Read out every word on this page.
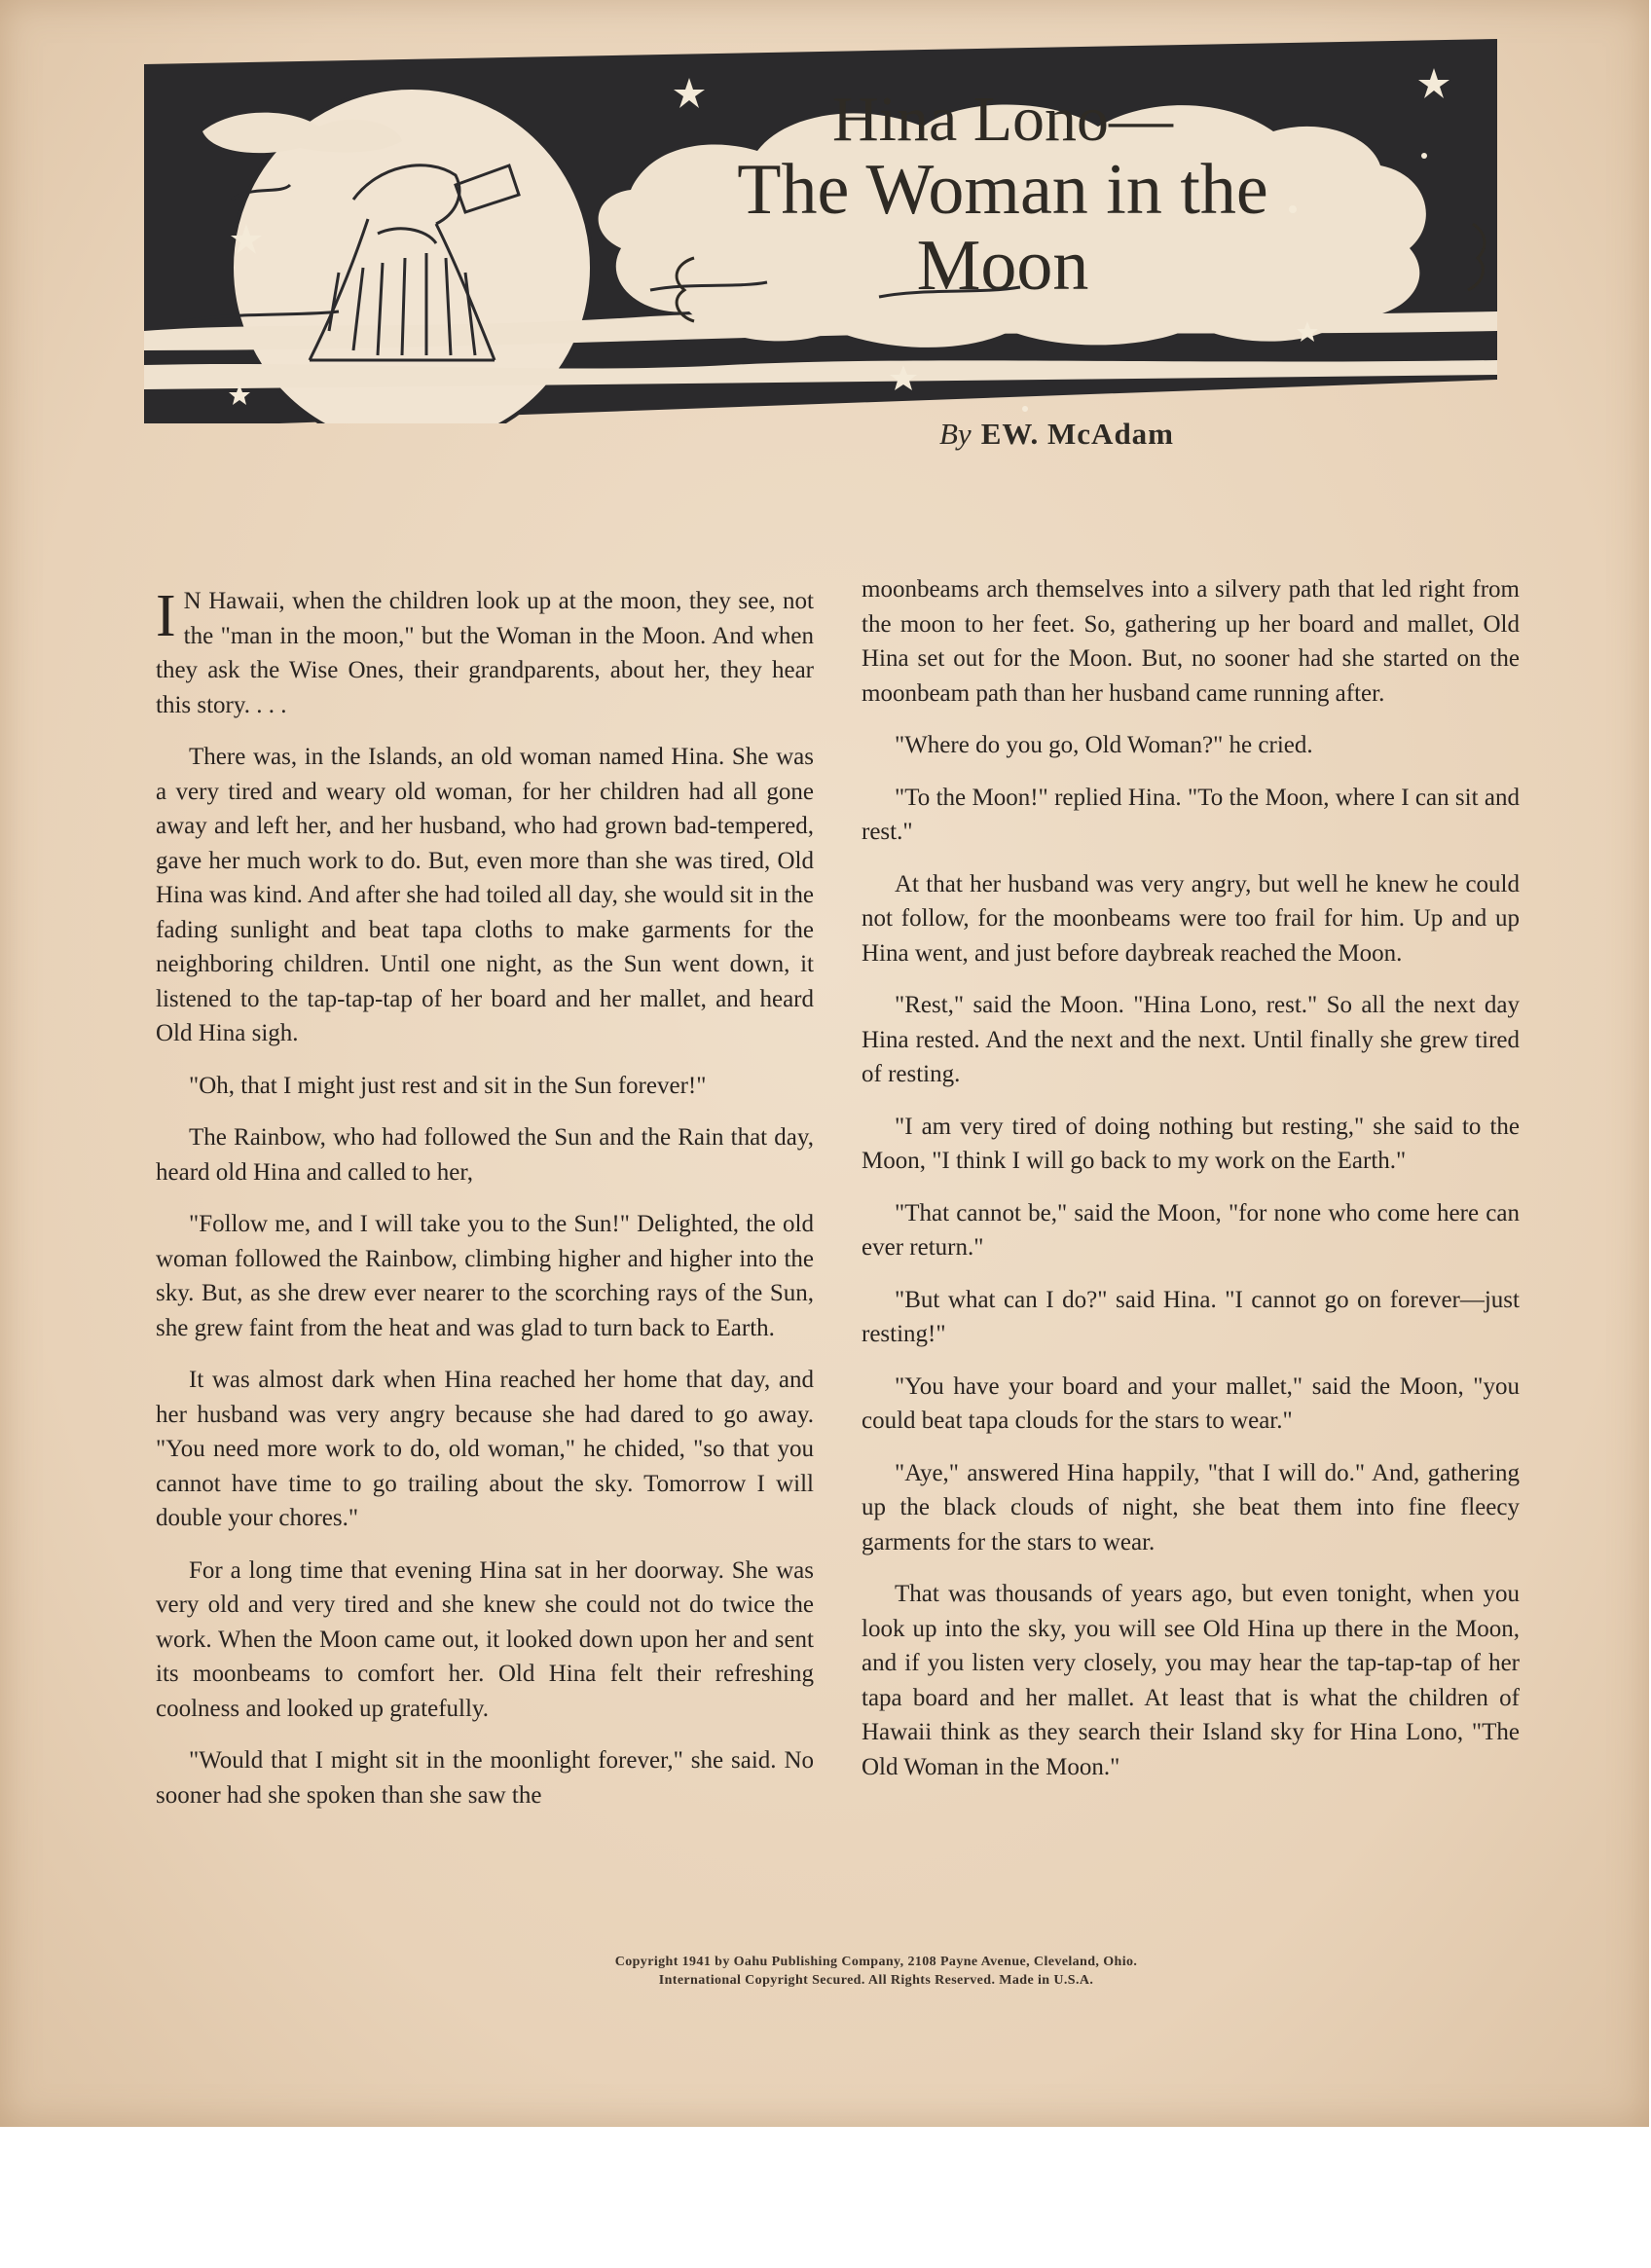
Hina Lono—
The Woman in the Moon
By EW. McAdam

I N Hawaii, when the children look up at the moon, they see, not the "man in the moon," but the Woman in the Moon. And when they ask the Wise Ones, their grandparents, about her, they hear this story. . . .

There was, in the Islands, an old woman named Hina. She was a very tired and weary old woman, for her children had all gone away and left her, and her husband, who had grown bad-tempered, gave her much work to do. But, even more than she was tired, Old Hina was kind. And after she had toiled all day, she would sit in the fading sunlight and beat tapa cloths to make garments for the neighboring children. Until one night, as the Sun went down, it listened to the tap-tap-tap of her board and her mallet, and heard Old Hina sigh.

"Oh, that I might just rest and sit in the Sun forever!"

The Rainbow, who had followed the Sun and the Rain that day, heard old Hina and called to her,

"Follow me, and I will take you to the Sun!" Delighted, the old woman followed the Rainbow, climbing higher and higher into the sky. But, as she drew ever nearer to the scorching rays of the Sun, she grew faint from the heat and was glad to turn back to Earth.

It was almost dark when Hina reached her home that day, and her husband was very angry because she had dared to go away. "You need more work to do, old woman," he chided, "so that you cannot have time to go trailing about the sky. Tomorrow I will double your chores."

For a long time that evening Hina sat in her doorway. She was very old and very tired and she knew she could not do twice the work. When the Moon came out, it looked down upon her and sent its moonbeams to comfort her. Old Hina felt their refreshing coolness and looked up gratefully.

"Would that I might sit in the moonlight forever," she said. No sooner had she spoken than she saw the

moonbeams arch themselves into a silvery path that led right from the moon to her feet. So, gathering up her board and mallet, Old Hina set out for the Moon. But, no sooner had she started on the moonbeam path than her husband came running after.

"Where do you go, Old Woman?" he cried.

"To the Moon!" replied Hina. "To the Moon, where I can sit and rest."

At that her husband was very angry, but well he knew he could not follow, for the moonbeams were too frail for him. Up and up Hina went, and just before daybreak reached the Moon.

"Rest," said the Moon. "Hina Lono, rest." So all the next day Hina rested. And the next and the next. Until finally she grew tired of resting.

"I am very tired of doing nothing but resting," she said to the Moon, "I think I will go back to my work on the Earth."

"That cannot be," said the Moon, "for none who come here can ever return."

"But what can I do?" said Hina. "I cannot go on forever—just resting!"

"You have your board and your mallet," said the Moon, "you could beat tapa clouds for the stars to wear."

"Aye," answered Hina happily, "that I will do." And, gathering up the black clouds of night, she beat them into fine fleecy garments for the stars to wear.

That was thousands of years ago, but even tonight, when you look up into the sky, you will see Old Hina up there in the Moon, and if you listen very closely, you may hear the tap-tap-tap of her tapa board and her mallet. At least that is what the children of Hawaii think as they search their Island sky for Hina Lono, "The Old Woman in the Moon."

Copyright 1941 by Oahu Publishing Company, 2108 Payne Avenue, Cleveland, Ohio.
International Copyright Secured. All Rights Reserved. Made in U.S.A.
